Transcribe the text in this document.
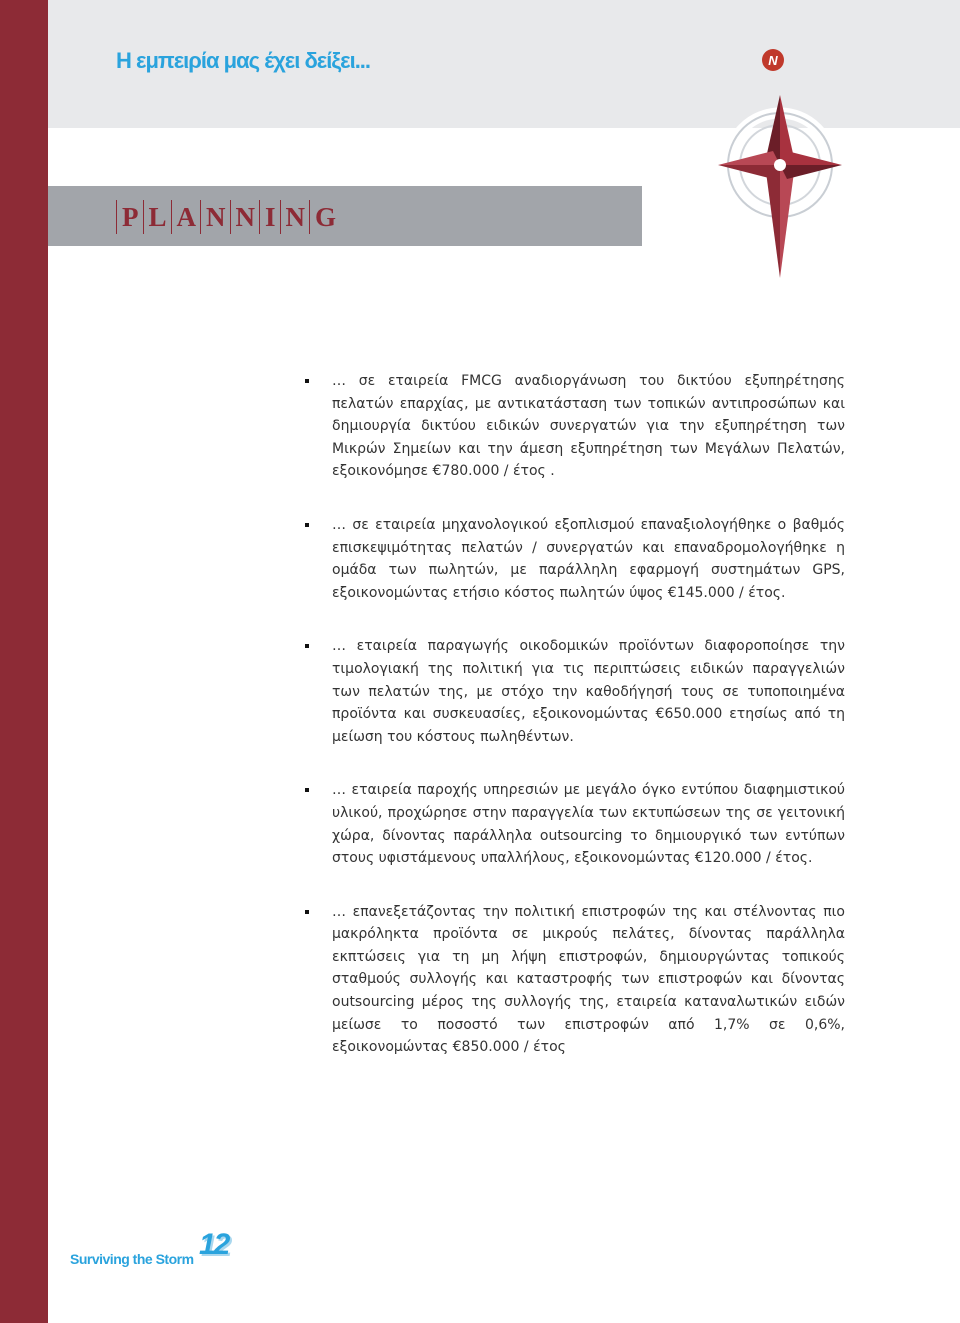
Η εμπειρία μας έχει δείξει...
P L A N N I N G
N
… σε εταιρεία FMCG αναδιοργάνωση του δικτύου εξυπηρέτησης πελατών επαρχίας, με αντικατάσταση των τοπικών αντιπροσώπων και δημιουργία δικτύου ειδικών συνεργατών για την εξυπηρέτηση των Μικρών Σημείων και την άμεση εξυπηρέτηση των Μεγάλων Πελατών, εξοικονόμησε €780.000 / έτος .
… σε εταιρεία μηχανολογικού εξοπλισμού επαναξιολογήθηκε ο βαθμός επισκεψιμότητας πελατών / συνεργατών και επαναδρομολογήθηκε η ομάδα των πωλητών, με παράλληλη εφαρμογή συστημάτων GPS, εξοικονομώντας ετήσιο κόστος πωλητών ύψος €145.000 / έτος.
… εταιρεία παραγωγής οικοδομικών προϊόντων διαφοροποίησε την τιμολογιακή της πολιτική για τις περιπτώσεις ειδικών παραγγελιών των πελατών της, με στόχο την καθοδήγησή τους σε τυποποιημένα προϊόντα και συσκευασίες, εξοικονομώντας €650.000 ετησίως από τη μείωση του κόστους πωληθέντων.
… εταιρεία παροχής υπηρεσιών με μεγάλο όγκο εντύπου διαφημιστικού υλικού, προχώρησε στην παραγγελία των εκτυπώσεων της σε γειτονική χώρα, δίνοντας παράλληλα outsourcing το δημιουργικό των εντύπων στους υφιστάμενους υπαλλήλους, εξοικονομώντας €120.000 / έτος.
… επανεξετάζοντας την πολιτική επιστροφών της και στέλνοντας πιο μακρόληκτα προϊόντα σε μικρούς πελάτες, δίνοντας παράλληλα εκπτώσεις για τη μη λήψη επιστροφών, δημιουργώντας τοπικούς σταθμούς συλλογής και καταστροφής των επιστροφών και δίνοντας outsourcing μέρος της συλλογής της, εταιρεία καταναλωτικών ειδών μείωσε το ποσοστό των επιστροφών από 1,7% σε 0,6%, εξοικονομώντας €850.000 / έτος
Surviving the Storm 12
